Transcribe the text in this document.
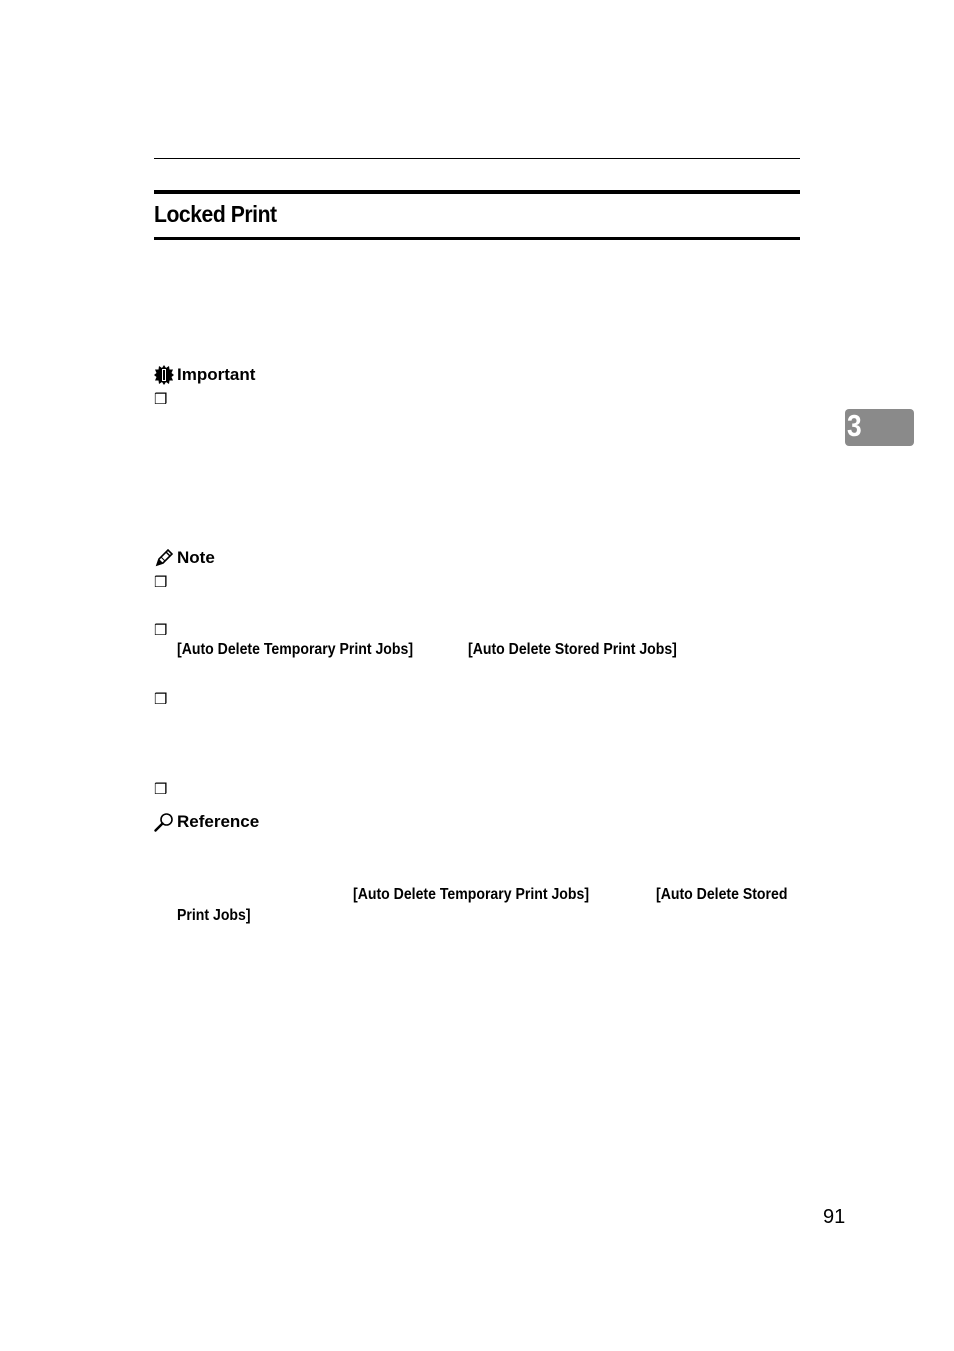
Locked Print
Important
❒
Note
❒
❒
[Auto Delete Temporary Print Jobs]	[Auto Delete Stored Print Jobs]
❒
❒
Reference
[Auto Delete Temporary Print Jobs]	[Auto Delete Stored
Print Jobs]
3
91
